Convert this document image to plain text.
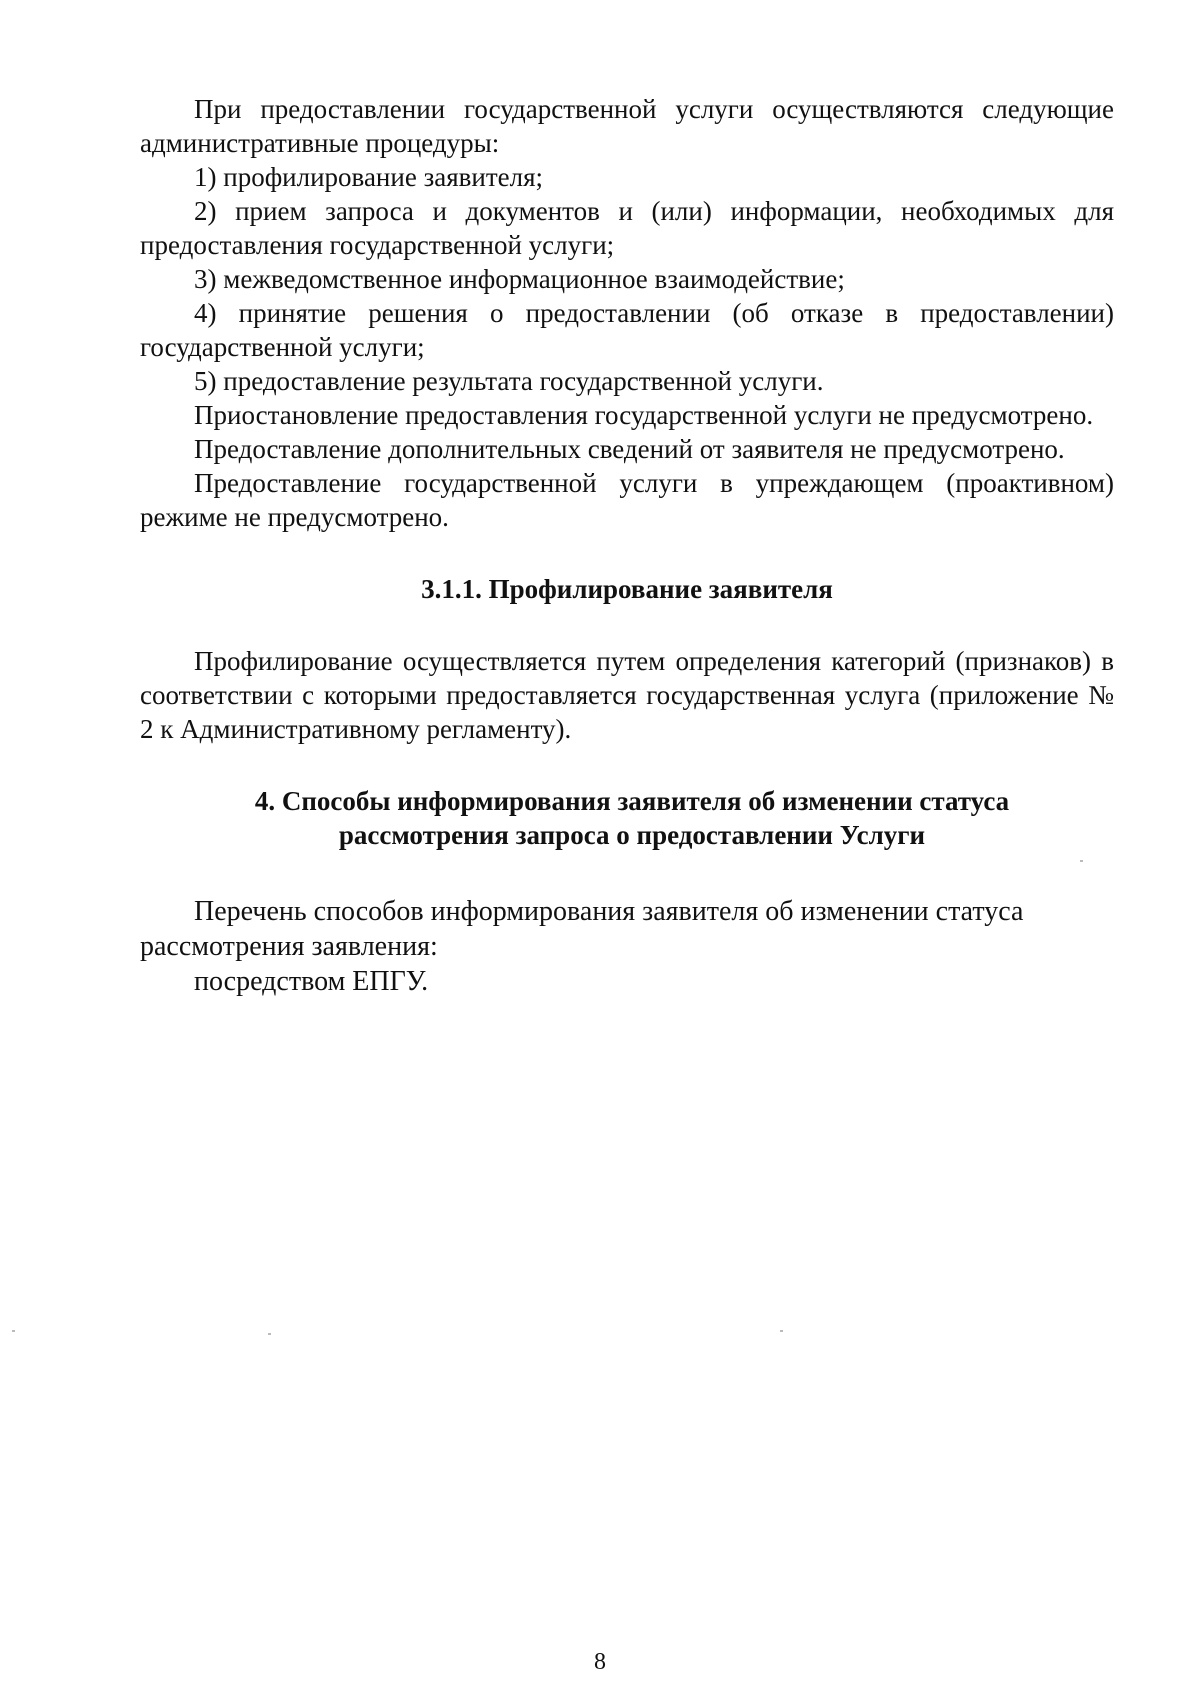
При предоставлении государственной услуги осуществляются следующие административные процедуры:

1) профилирование заявителя;

2) прием запроса и документов и (или) информации, необходимых для предоставления государственной услуги;

3) межведомственное информационное взаимодействие;

4) принятие решения о предоставлении (об отказе в предоставлении) государственной услуги;

5) предоставление результата государственной услуги.

Приостановление предоставления государственной услуги не предусмотрено.

Предоставление дополнительных сведений от заявителя не предусмотрено.

Предоставление государственной услуги в упреждающем (проактивном) режиме не предусмотрено.

3.1.1. Профилирование заявителя

Профилирование осуществляется путем определения категорий (признаков) в соответствии с которыми предоставляется государственная услуга (приложение № 2 к Административному регламенту).

4. Способы информирования заявителя об изменении статуса
рассмотрения запроса о предоставлении Услуги

Перечень способов информирования заявителя об изменении статуса рассмотрения заявления:

посредством ЕПГУ.

8
